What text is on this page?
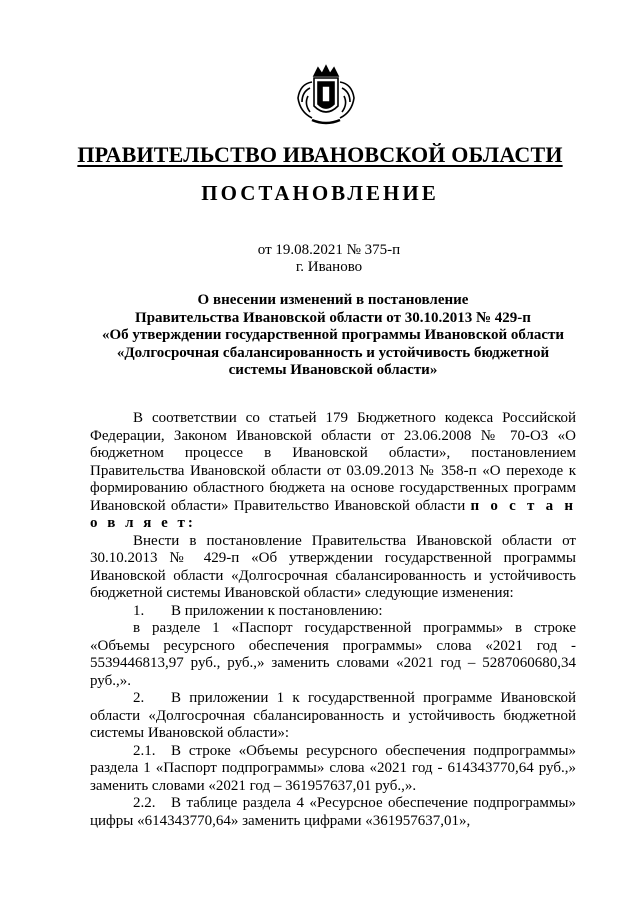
ПРАВИТЕЛЬСТВО ИВАНОВСКОЙ ОБЛАСТИ
ПОСТАНОВЛЕНИЕ
от 19.08.2021 № 375-п
г. Иваново
О внесении изменений в постановление
Правительства Ивановской области от 30.10.2013 № 429-п
«Об утверждении государственной программы Ивановской области
«Долгосрочная сбалансированность и устойчивость бюджетной
системы Ивановской области»

В соответствии со статьей 179 Бюджетного кодекса Российской Федерации, Законом Ивановской области от 23.06.2008 № 70-ОЗ «О бюджетном процессе в Ивановской области», постановлением Правительства Ивановской области от 03.09.2013 № 358-п «О переходе к формированию областного бюджета на основе государственных программ Ивановской области» Правительство Ивановской области п о с т а н о в л я е т:

Внести в постановление Правительства Ивановской области от 30.10.2013 № 429-п «Об утверждении государственной программы Ивановской области «Долгосрочная сбалансированность и устойчивость бюджетной системы Ивановской области» следующие изменения:

1. В приложении к постановлению:

в разделе 1 «Паспорт государственной программы» в строке «Объемы ресурсного обеспечения программы» слова «2021 год - 5539446813,97 руб., руб.,» заменить словами «2021 год – 5287060680,34 руб.,».

2. В приложении 1 к государственной программе Ивановской области «Долгосрочная сбалансированность и устойчивость бюджетной системы Ивановской области»:

2.1. В строке «Объемы ресурсного обеспечения подпрограммы» раздела 1 «Паспорт подпрограммы» слова «2021 год - 614343770,64 руб.,» заменить словами «2021 год – 361957637,01 руб.,».

2.2. В таблице раздела 4 «Ресурсное обеспечение подпрограммы» цифры «614343770,64» заменить цифрами «361957637,01»,
